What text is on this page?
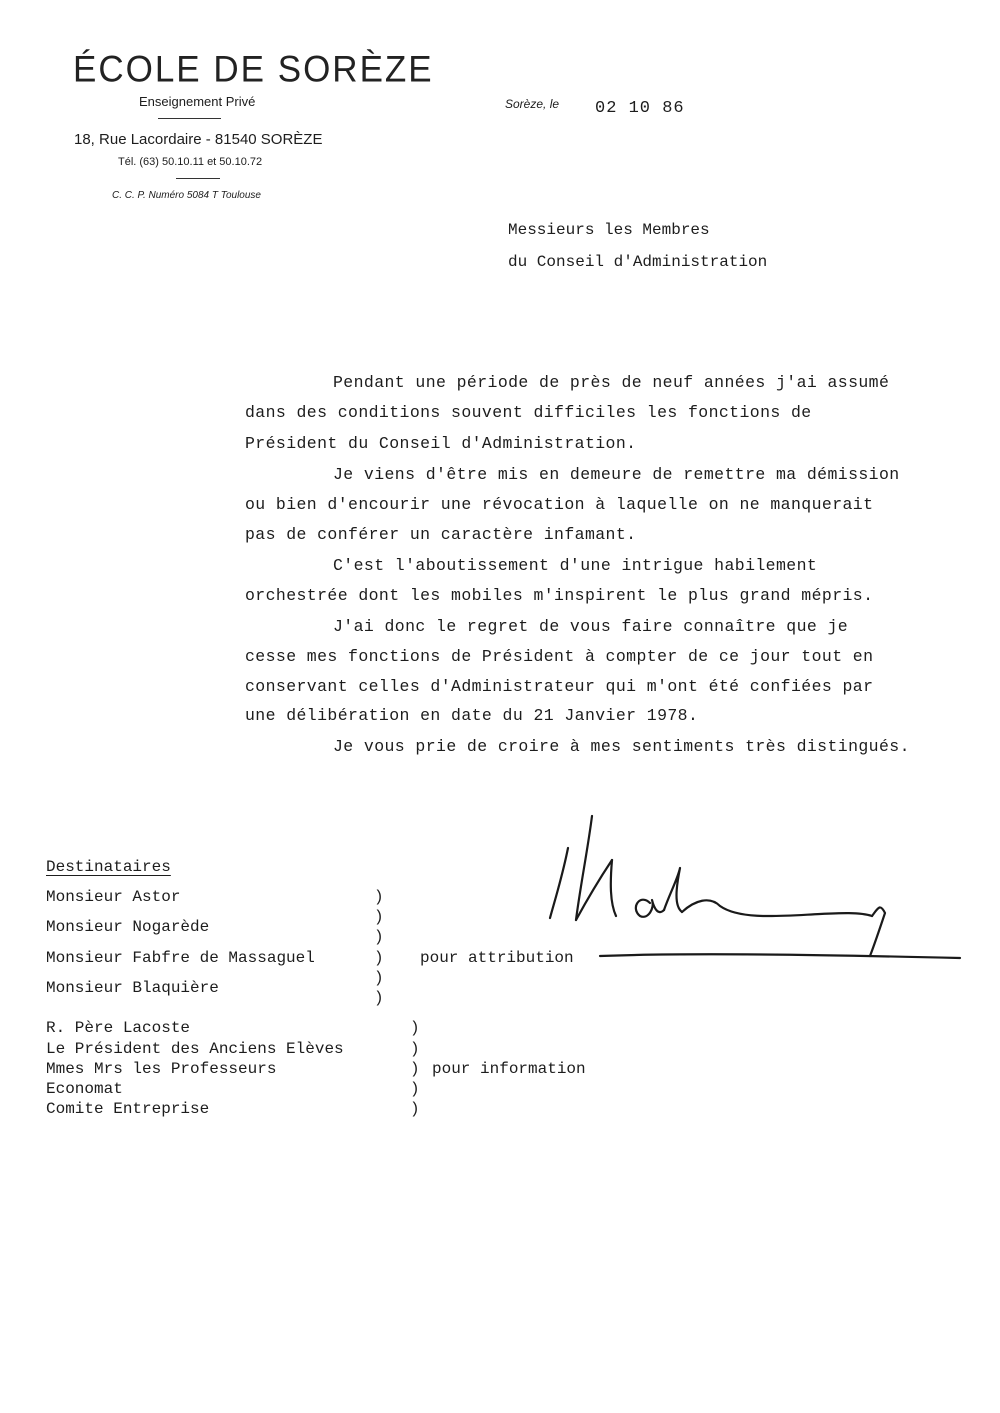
ÉCOLE DE SORÈZE
Enseignement Privé
18, Rue Lacordaire - 81540 SORÈZE
Tél. (63) 50.10.11 et 50.10.72
C. C. P. Numéro 5084 T Toulouse
Sorèze, le 02 10 86
Messieurs les Membres
du Conseil d'Administration
Pendant une période de près de neuf années j'ai assumé
dans des conditions souvent difficiles les fonctions de
Président du Conseil d'Administration.
Je viens d'être mis en demeure de remettre ma démission
ou bien d'encourir une révocation à laquelle on ne manquerait
pas de conférer un caractère infamant.
C'est l'aboutissement d'une intrigue habilement
orchestrée dont les mobiles m'inspirent le plus grand mépris.
J'ai donc le regret de vous faire connaître que je
cesse mes fonctions de Président à compter de ce jour tout en
conservant celles d'Administrateur qui m'ont été confiées par
une délibération en date du 21 Janvier 1978.
Je vous prie de croire à mes sentiments très distingués.
Destinataires
Monsieur Astor
Monsieur Nogarède
Monsieur Fabfre de Massaguel
Monsieur Blaquière
)
)
)
)
)
)
pour attribution
R. Père Lacoste
Le Président des Anciens Elèves
Mmes Mrs les Professeurs
Economat
Comite Entreprise
)
)
)
)
)
pour information
